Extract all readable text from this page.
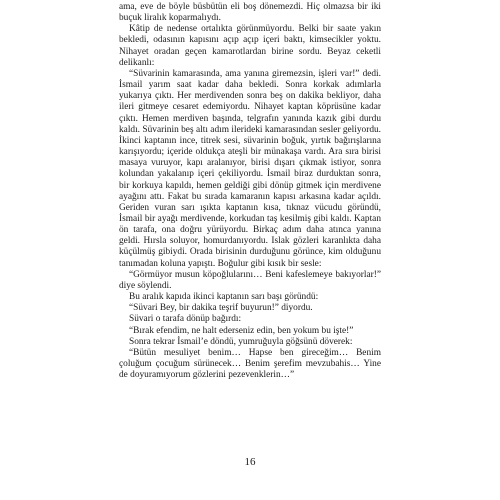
ama, eve de böyle büsbütün eli boş dönemezdi. Hiç olmazsa bir iki buçuk liralık koparmalıydı.

Kâtip de nedense ortalıkta görünmüyordu. Belki bir saate yakın bekledi, odasının kapısını açıp açıp içeri baktı, kimsecikler yoktu. Nihayet oradan geçen kamarotlardan birine sordu. Beyaz ceketli delikanlı:

“Süvarinin kamarasında, ama yanına giremezsin, işleri var!” dedi. İsmail yarım saat kadar daha bekledi. Sonra korkak adımlarla yukarıya çıktı. Her merdivenden sonra beş on dakika bekliyor, daha ileri gitmeye cesaret edemiyordu. Nihayet kaptan köprüsüne kadar çıktı. Hemen merdiven başında, telgrafın yanında kazık gibi durdu kaldı. Süvarinin beş altı adım ilerideki kamarasından sesler geliyordu. İkinci kaptanın ince, titrek sesi, süvarinin boğuk, yırtık bağırışlarına karışıyordu; içeride oldukça ateşli bir münakaşa vardı. Ara sıra birisi masaya vuruyor, kapı aralanıyor, birisi dışarı çıkmak istiyor, sonra kolundan yakalanıp içeri çekiliyordu. İsmail biraz durduktan sonra, bir korkuya kapıldı, hemen geldiği gibi dönüp gitmek için merdivene ayağını attı. Fakat bu sırada kamaranın kapısı arkasına kadar açıldı. Geriden vuran sarı ışıkta kaptanın kısa, tıknaz vücudu göründü, İsmail bir ayağı merdivende, korkudan taş kesilmiş gibi kaldı. Kaptan ön tarafa, ona doğru yürüyordu. Birkaç adım daha atınca yanına geldi. Hırsla soluyor, homurdanıyordu. Islak gözleri karanlıkta daha küçülmüş gibiydi. Orada birisinin durduğunu görünce, kim olduğunu tanımadan koluna yapıştı. Boğulur gibi kısık bir sesle:

“Görmüyor musun köpoğlularını… Beni kafeslemeye bakıyorlar!” diye söylendi.

Bu aralık kapıda ikinci kaptanın sarı başı göründü:

“Süvari Bey, bir dakika teşrif buyurun!” diyordu.

Süvari o tarafa dönüp bağırdı:

“Bırak efendim, ne halt ederseniz edin, ben yokum bu işte!”

Sonra tekrar İsmail’e döndü, yumruğuyla göğsünü döverek:

“Bütün mesuliyet benim… Hapse ben gireceğim… Benim çoluğum çocuğum sürünecek… Benim şerefim mevzubahis… Yine de doyuramıyorum gözlerini pezevenklerin…”

16
